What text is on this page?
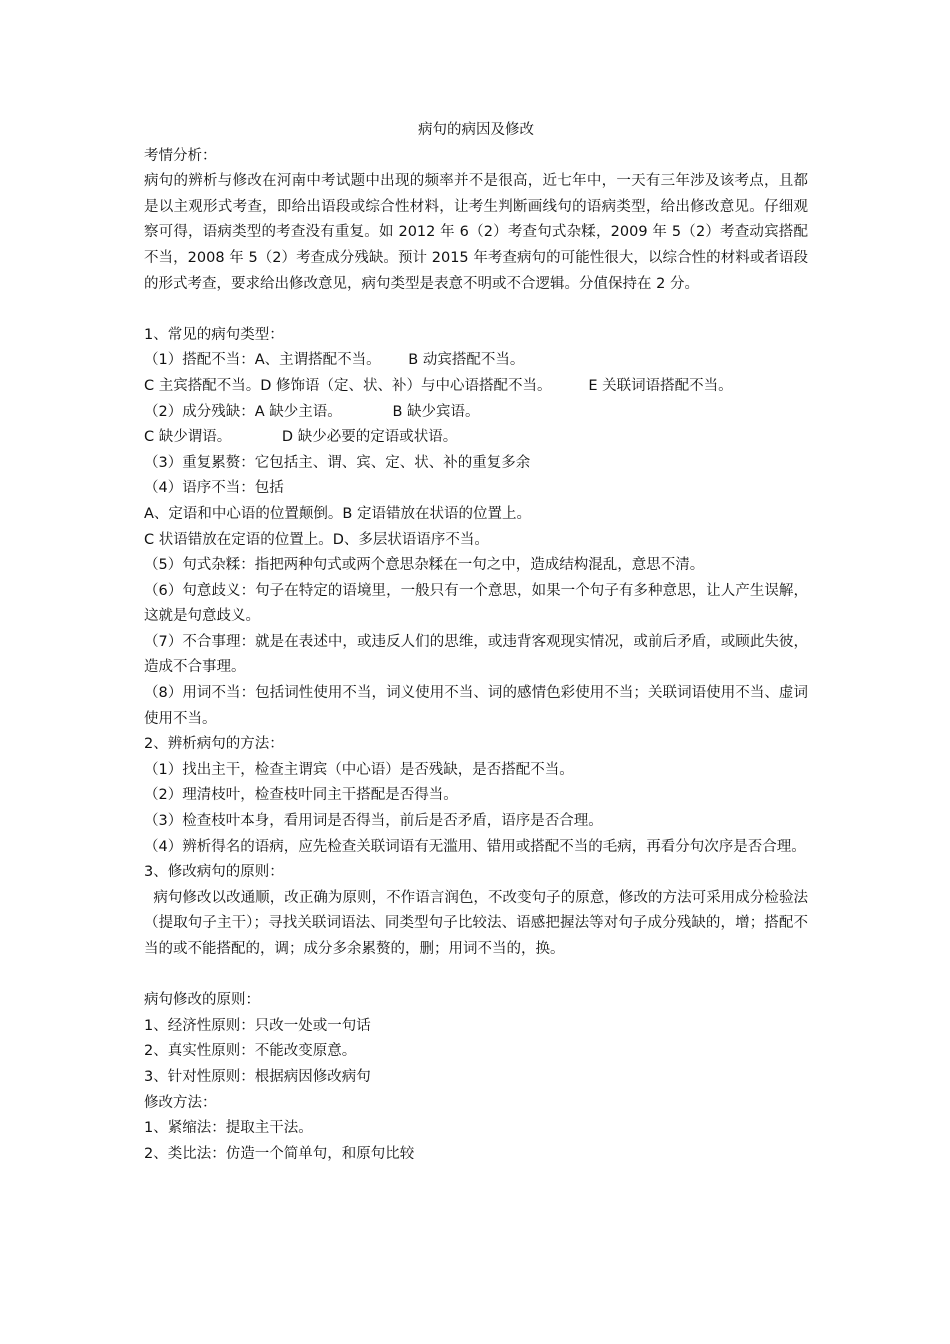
病句的病因及修改

考情分析：

病句的辨析与修改在河南中考试题中出现的频率并不是很高，近七年中，一天有三年涉及该考点，且都是以主观形式考查，即给出语段或综合性材料，让考生判断画线句的语病类型，给出修改意见。仔细观察可得，语病类型的考查没有重复。如 2012 年 6（2）考查句式杂糅，2009 年 5（2）考查动宾搭配不当，2008 年 5（2）考查成分残缺。预计 2015 年考查病句的可能性很大，以综合性的材料或者语段的形式考查，要求给出修改意见，病句类型是表意不明或不合逻辑。分值保持在 2 分。

1、常见的病句类型：

（1）搭配不当：A、主谓搭配不当。      B 动宾搭配不当。

C 主宾搭配不当。D 修饰语（定、状、补）与中心语搭配不当。        E 关联词语搭配不当。

（2）成分残缺：A 缺少主语。           B 缺少宾语。

C 缺少谓语。           D 缺少必要的定语或状语。

（3）重复累赘：它包括主、谓、宾、定、状、补的重复多余

（4）语序不当：包括

A、定语和中心语的位置颠倒。B 定语错放在状语的位置上。

C 状语错放在定语的位置上。D、多层状语语序不当。

（5）句式杂糅：指把两种句式或两个意思杂糅在一句之中，造成结构混乱，意思不清。

（6）句意歧义：句子在特定的语境里，一般只有一个意思，如果一个句子有多种意思，让人产生误解，这就是句意歧义。

（7）不合事理：就是在表述中，或违反人们的思维，或违背客观现实情况，或前后矛盾，或顾此失彼，造成不合事理。

（8）用词不当：包括词性使用不当，词义使用不当、词的感情色彩使用不当；关联词语使用不当、虚词使用不当。

2、辨析病句的方法：

（1）找出主干，检查主谓宾（中心语）是否残缺，是否搭配不当。

（2）理清枝叶，检查枝叶同主干搭配是否得当。

（3）检查枝叶本身，看用词是否得当，前后是否矛盾，语序是否合理。

（4）辨析得名的语病，应先检查关联词语有无滥用、错用或搭配不当的毛病，再看分句次序是否合理。

3、修改病句的原则：

病句修改以改通顺，改正确为原则，不作语言润色，不改变句子的原意，修改的方法可采用成分检验法（提取句子主干）；寻找关联词语法、同类型句子比较法、语感把握法等对句子成分残缺的，增；搭配不当的或不能搭配的，调；成分多余累赘的，删；用词不当的，换。

病句修改的原则：

1、经济性原则：只改一处或一句话

2、真实性原则：不能改变原意。

3、针对性原则：根据病因修改病句

修改方法：

1、紧缩法：提取主干法。

2、类比法：仿造一个简单句，和原句比较
